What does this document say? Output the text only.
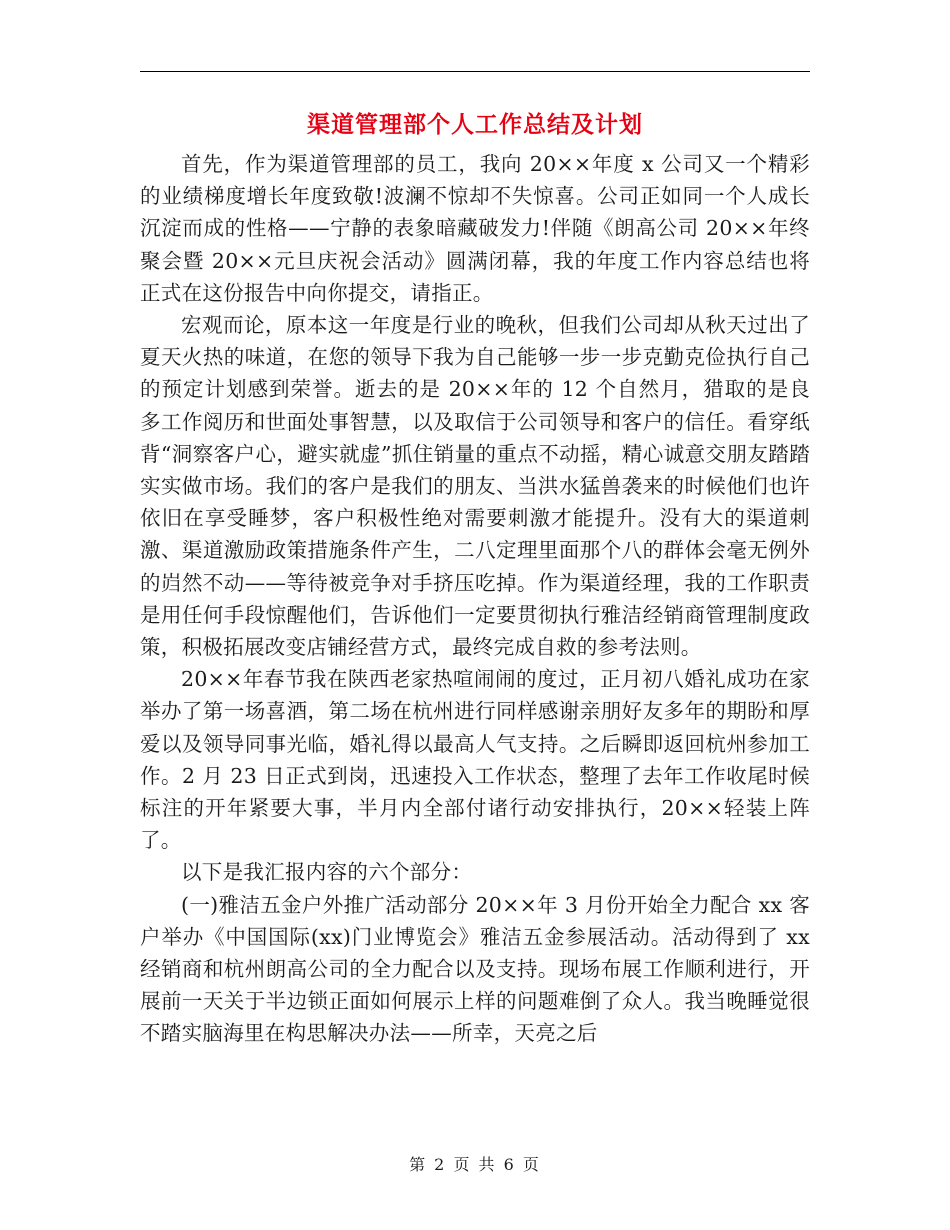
渠道管理部个人工作总结及计划

首先，作为渠道管理部的员工，我向 20××年度 x 公司又一个精彩的业绩梯度增长年度致敬!波澜不惊却不失惊喜。公司正如同一个人成长沉淀而成的性格——宁静的表象暗藏破发力!伴随《朗高公司 20××年终聚会暨 20××元旦庆祝会活动》圆满闭幕，我的年度工作内容总结也将正式在这份报告中向你提交，请指正。

宏观而论，原本这一年度是行业的晚秋，但我们公司却从秋天过出了夏天火热的味道，在您的领导下我为自己能够一步一步克勤克俭执行自己的预定计划感到荣誉。逝去的是 20××年的 12 个自然月，猎取的是良多工作阅历和世面处事智慧，以及取信于公司领导和客户的信任。看穿纸背“洞察客户心，避实就虚”抓住销量的重点不动摇，精心诚意交朋友踏踏实实做市场。我们的客户是我们的朋友、当洪水猛兽袭来的时候他们也许依旧在享受睡梦，客户积极性绝对需要刺激才能提升。没有大的渠道刺激、渠道激励政策措施条件产生，二八定理里面那个八的群体会毫无例外的岿然不动——等待被竞争对手挤压吃掉。作为渠道经理，我的工作职责是用任何手段惊醒他们，告诉他们一定要贯彻执行雅洁经销商管理制度政策，积极拓展改变店铺经营方式，最终完成自救的参考法则。

20××年春节我在陕西老家热喧闹闹的度过，正月初八婚礼成功在家举办了第一场喜酒，第二场在杭州进行同样感谢亲朋好友多年的期盼和厚爱以及领导同事光临，婚礼得以最高人气支持。之后瞬即返回杭州参加工作。2 月 23 日正式到岗，迅速投入工作状态，整理了去年工作收尾时候标注的开年紧要大事，半月内全部付诸行动安排执行，20××轻装上阵了。

以下是我汇报内容的六个部分：

(一)雅洁五金户外推广活动部分 20××年 3 月份开始全力配合 xx 客户举办《中国国际(xx)门业博览会》雅洁五金参展活动。活动得到了 xx 经销商和杭州朗高公司的全力配合以及支持。现场布展工作顺利进行，开展前一天关于半边锁正面如何展示上样的问题难倒了众人。我当晚睡觉很不踏实脑海里在构思解决办法——所幸，天亮之后

第 2 页 共 6 页
